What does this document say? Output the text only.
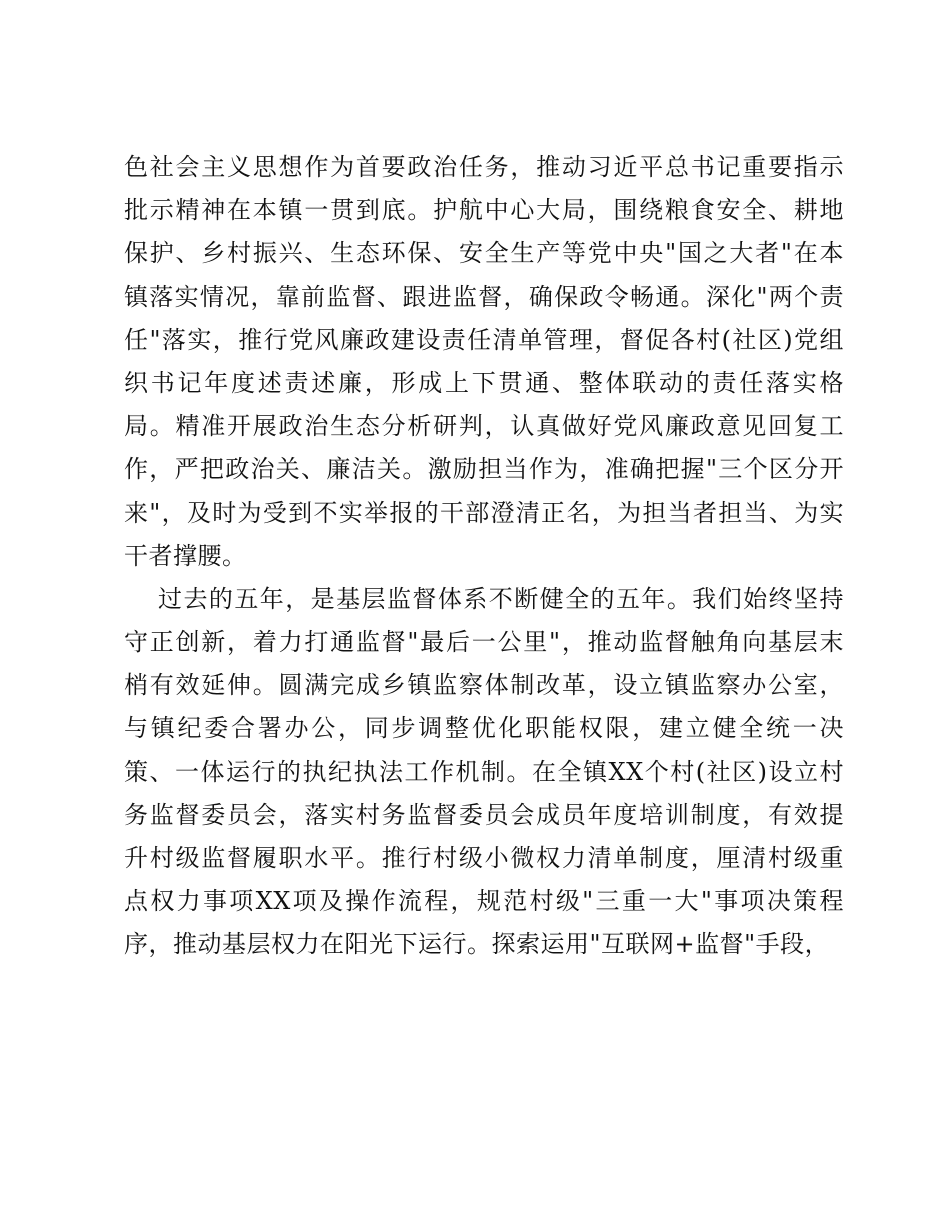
色社会主义思想作为首要政治任务，推动习近平总书记重要指示
批示精神在本镇一贯到底。护航中心大局，围绕粮食安全、耕地
保护、乡村振兴、生态环保、安全生产等党中央"国之大者"在本
镇落实情况，靠前监督、跟进监督，确保政令畅通。深化"两个责
任"落实，推行党风廉政建设责任清单管理，督促各村(社区)党组
织书记年度述责述廉，形成上下贯通、整体联动的责任落实格
局。精准开展政治生态分析研判，认真做好党风廉政意见回复工
作，严把政治关、廉洁关。激励担当作为，准确把握"三个区分开
来"，及时为受到不实举报的干部澄清正名，为担当者担当、为实
干者撑腰。
过去的五年，是基层监督体系不断健全的五年。我们始终坚持
守正创新，着力打通监督"最后一公里"，推动监督触角向基层末
梢有效延伸。圆满完成乡镇监察体制改革，设立镇监察办公室，
与镇纪委合署办公，同步调整优化职能权限，建立健全统一决
策、一体运行的执纪执法工作机制。在全镇XX个村(社区)设立村
务监督委员会，落实村务监督委员会成员年度培训制度，有效提
升村级监督履职水平。推行村级小微权力清单制度，厘清村级重
点权力事项XX项及操作流程，规范村级"三重一大"事项决策程
序，推动基层权力在阳光下运行。探索运用"互联网+监督"手段，
